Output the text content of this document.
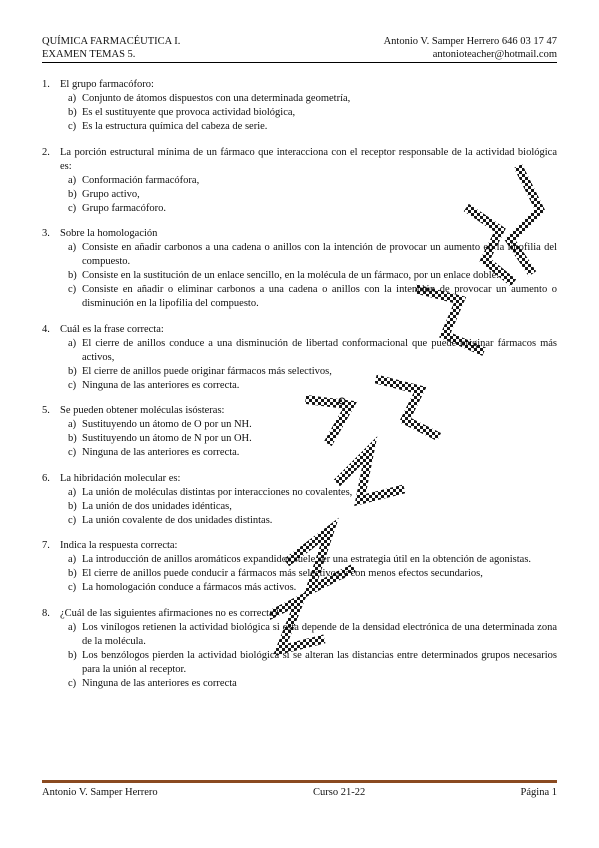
QUÍMICA FARMACÉUTICA I.	Antonio V. Samper Herrero 646 03 17 47
EXAMEN TEMAS 5.	antonioteacher@hotmail.com
1. El grupo farmacóforo:
a) Conjunto de átomos dispuestos con una determinada geometría,
b) Es el sustituyente que provoca actividad biológica,
c) Es la estructura química del cabeza de serie.
2. La porción estructural mínima de un fármaco que interacciona con el receptor responsable de la actividad biológica es:
a) Conformación farmacófora,
b) Grupo activo,
c) Grupo farmacóforo.
3. Sobre la homologación
a) Consiste en añadir carbonos a una cadena o anillos con la intención de provocar un aumento en la lipofilia del compuesto.
b) Consiste en la sustitución de un enlace sencillo, en la molécula de un fármaco, por un enlace doble.
c) Consiste en añadir o eliminar carbonos a una cadena o anillos con la intención de provocar un aumento o disminución en la lipofilia del compuesto.
4. Cuál es la frase correcta:
a) El cierre de anillos conduce a una disminución de libertad conformacional que puede originar fármacos más activos,
b) El cierre de anillos puede originar fármacos más selectivos,
c) Ninguna de las anteriores es correcta.
5. Se pueden obtener moléculas isósteras:
a) Sustituyendo un átomo de O por un NH.
b) Sustituyendo un átomo de N por un OH.
c) Ninguna de las anteriores es correcta.
6. La hibridación molecular es:
a) La unión de moléculas distintas por interacciones no covalentes,
b) La unión de dos unidades idénticas,
c) La unión covalente de dos unidades distintas.
7. Indica la respuesta correcta:
a) La introducción de anillos aromáticos expandidos suele ser una estrategia útil en la obtención de agonistas.
b) El cierre de anillos puede conducir a fármacos más selectivos y con menos efectos secundarios,
c) La homologación conduce a fármacos más activos.
8. ¿Cuál de las siguientes afirmaciones no es correcta?
a) Los vinílogos retienen la actividad biológica si esta depende de la densidad electrónica de una determinada zona de la molécula.
b) Los benzólogos pierden la actividad biológica si se alteran las distancias entre determinados grupos necesarios para la unión al receptor.
c) Ninguna de las anteriores es correcta
Antonio V. Samper Herrero	Curso 21-22	Página 1
